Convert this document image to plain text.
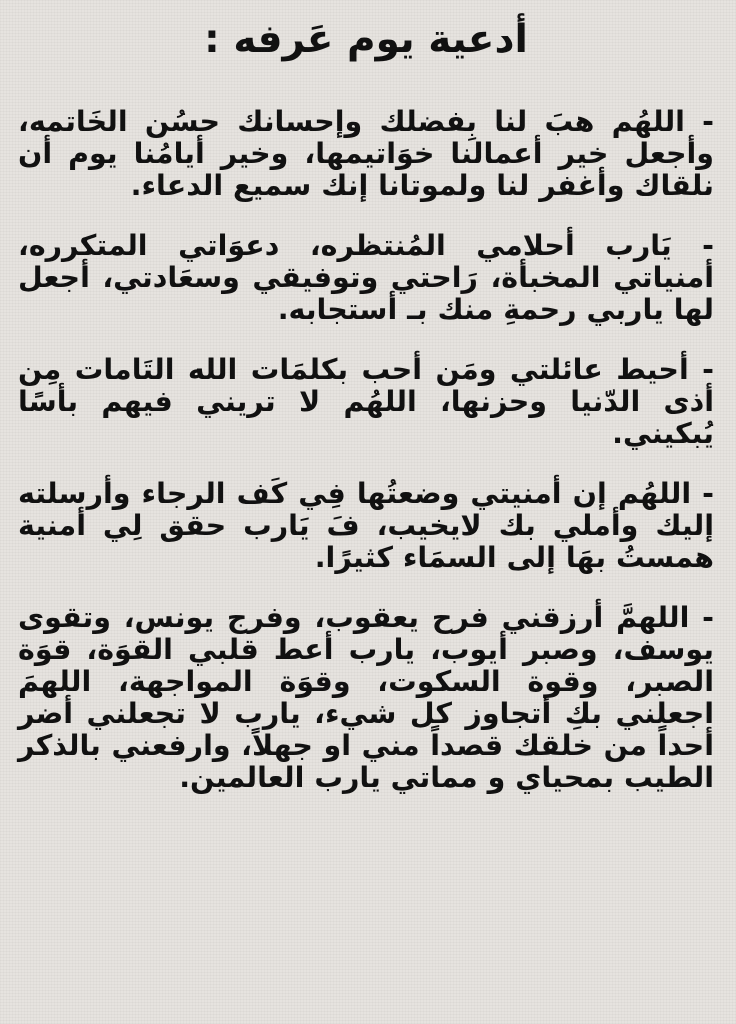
أدعية يوم عَرفه :
- اللهُم هبَ لنا بِفضلك وإحسانك حسُن الخَاتمه، وأجعل خير أعمالنا خوَاتيمها، وخير أيامُنا يوم أن نلقاك وأغفر لنا ولموتانا إنك سميع الدعاء.
- يَارب أحلامي المُنتظره، دعوَاتي المتكرره، أمنياتي المخبأة، رَاحتي وتوفيقي وسعَادتي، أجعل لها ياربي رحمةِ منك بـ أستجابه.
- أحيط عائلتي ومَن أحب بكلمَات الله التَامات مِن أذى الدّنيا وحزنها، اللهُم لا تريني فيهم بأسًا يُبكيني.
- اللهُم إن أمنيتي وضعتُها فِي كَف الرجاء وأرسلته إليك وأملي بك لايخيب، فَ يَارب حقق لِي أمنية همستُ بهَا إلى السمَاء كثيرًا.
- اللهمَّ أرزقني فرح يعقوب، وفرج يونس، وتقوى يوسف، وصبر أيوب، يارب أعط قلبي القوَة، قوَة الصبر، وقوة السكوت، وقوَة المواجهة، اللهمَ اجعلني بكِ أتجاوز كل شيء، يارب لا تجعلني أضر أحداً من خلقك قصداً مني او جهلاً، وارفعني بالذكر الطيب بمحياي و مماتي يارب العالمين.
